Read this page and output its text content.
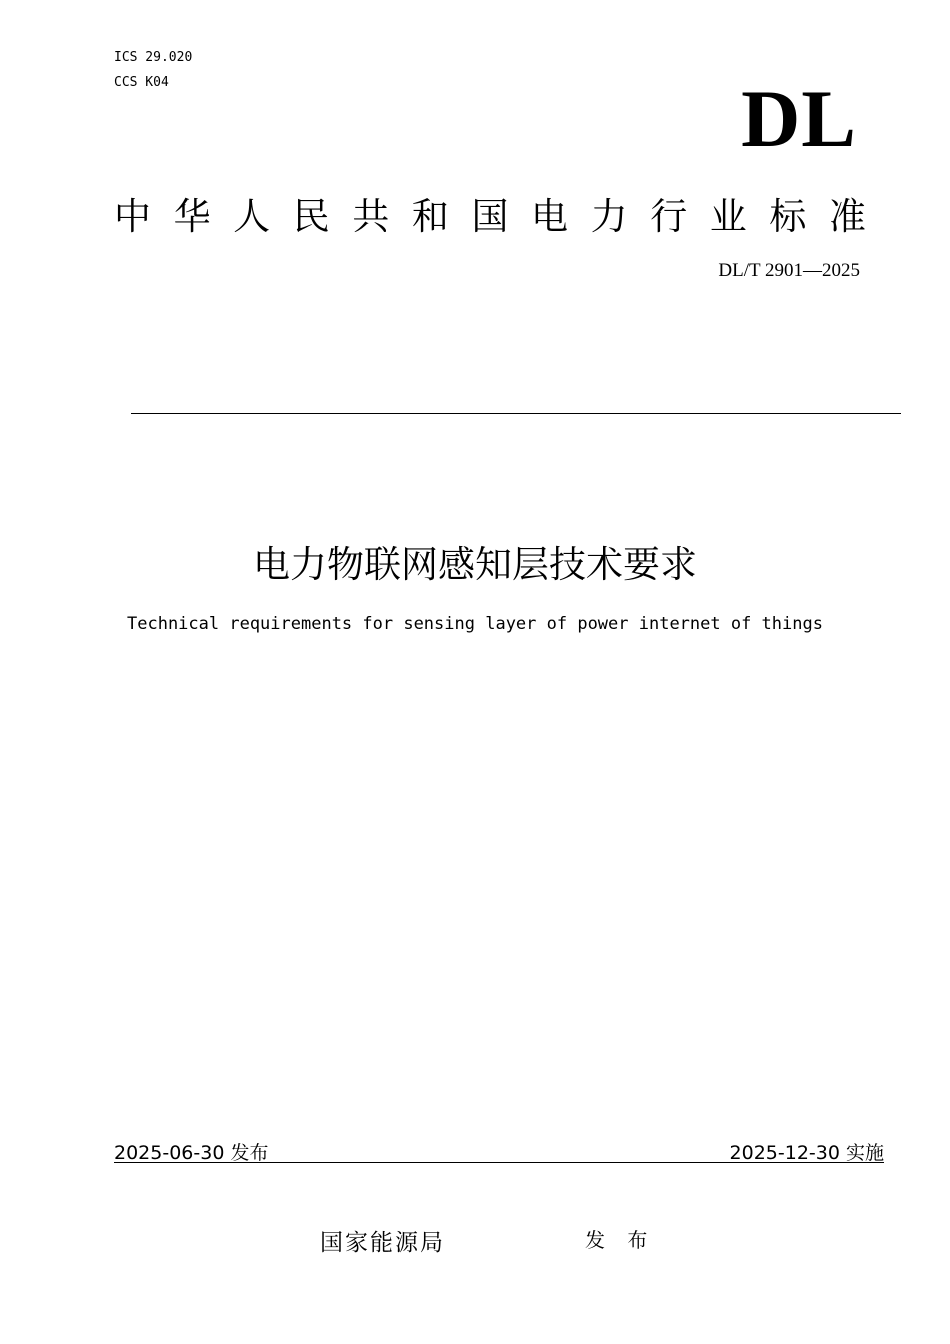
ICS 29.020
CCS K04	DL
中 华 人 民 共 和 国 电 力 行 业 标 准
DL/T 2901—2025
电力物联网感知层技术要求
Technical requirements for sensing layer of power internet of things
2025-06-30 发布	2025-12-30 实施
国家能源局	发 布
